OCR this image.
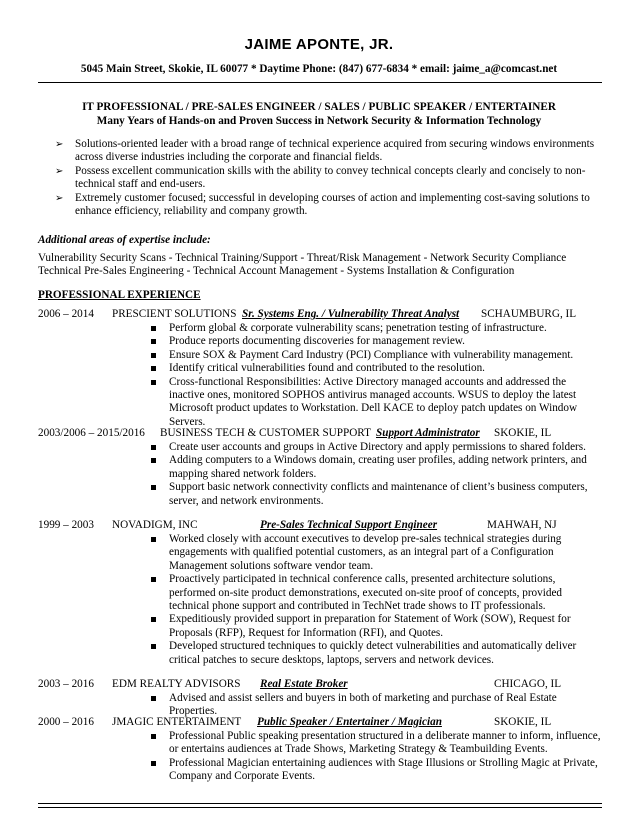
JAIME APONTE, JR.
5045 Main Street, Skokie, IL 60077 * Daytime Phone: (847) 677-6834 * email: jaime_a@comcast.net
IT PROFESSIONAL / PRE-SALES ENGINEER / SALES / PUBLIC SPEAKER / ENTERTAINER
Many Years of Hands-on and Proven Success in Network Security & Information Technology
➢ Solutions-oriented leader with a broad range of technical experience acquired from securing windows environments across diverse industries including the corporate and financial fields.
➢ Possess excellent communication skills with the ability to convey technical concepts clearly and concisely to non-technical staff and end-users.
➢ Extremely customer focused; successful in developing courses of action and implementing cost-saving solutions to enhance efficiency, reliability and company growth.
Additional areas of expertise include:
Vulnerability Security Scans - Technical Training/Support - Threat/Risk Management - Network Security Compliance
Technical Pre-Sales Engineering - Technical Account Management - Systems Installation & Configuration
PROFESSIONAL EXPERIENCE
2006 – 2014 PRESCIENT SOLUTIONS Sr. Systems Eng. / Vulnerability Threat Analyst SCHAUMBURG, IL
Perform global & corporate vulnerability scans; penetration testing of infrastructure.
Produce reports documenting discoveries for management review.
Ensure SOX & Payment Card Industry (PCI) Compliance with vulnerability management.
Identify critical vulnerabilities found and contributed to the resolution.
Cross-functional Responsibilities: Active Directory managed accounts and addressed the inactive ones, monitored SOPHOS antivirus managed accounts. WSUS to deploy the latest Microsoft product updates to Workstation. Dell KACE to deploy patch updates on Window Servers.
2003/2006 – 2015/2016 BUSINESS TECH & CUSTOMER SUPPORT Support Administrator SKOKIE, IL
Create user accounts and groups in Active Directory and apply permissions to shared folders.
Adding computers to a Windows domain, creating user profiles, adding network printers, and mapping shared network folders.
Support basic network connectivity conflicts and maintenance of client’s business computers, server, and network environments.
1999 – 2003 NOVADIGM, INC	Pre-Sales Technical Support Engineer	MAHWAH, NJ
Worked closely with account executives to develop pre-sales technical strategies during engagements with qualified potential customers, as an integral part of a Configuration Management solutions software vendor team.
Proactively participated in technical conference calls, presented architecture solutions, performed on-site product demonstrations, executed on-site proof of concepts, provided technical phone support and contributed in TechNet trade shows to IT professionals.
Expeditiously provided support in preparation for Statement of Work (SOW), Request for Proposals (RFP), Request for Information (RFI), and Quotes.
Developed structured techniques to quickly detect vulnerabilities and automatically deliver critical patches to secure desktops, laptops, servers and network devices.
2003 – 2016 EDM REALTY ADVISORS Real Estate Broker	CHICAGO, IL
Advised and assist sellers and buyers in both of marketing and purchase of Real Estate Properties.
2000 – 2016 JMAGIC ENTERTAIMENT Public Speaker / Entertainer / Magician	SKOKIE, IL
Professional Public speaking presentation structured in a deliberate manner to inform, influence, or entertains audiences at Trade Shows, Marketing Strategy & Teambuilding Events.
Professional Magician entertaining audiences with Stage Illusions or Strolling Magic at Private, Company and Corporate Events.
